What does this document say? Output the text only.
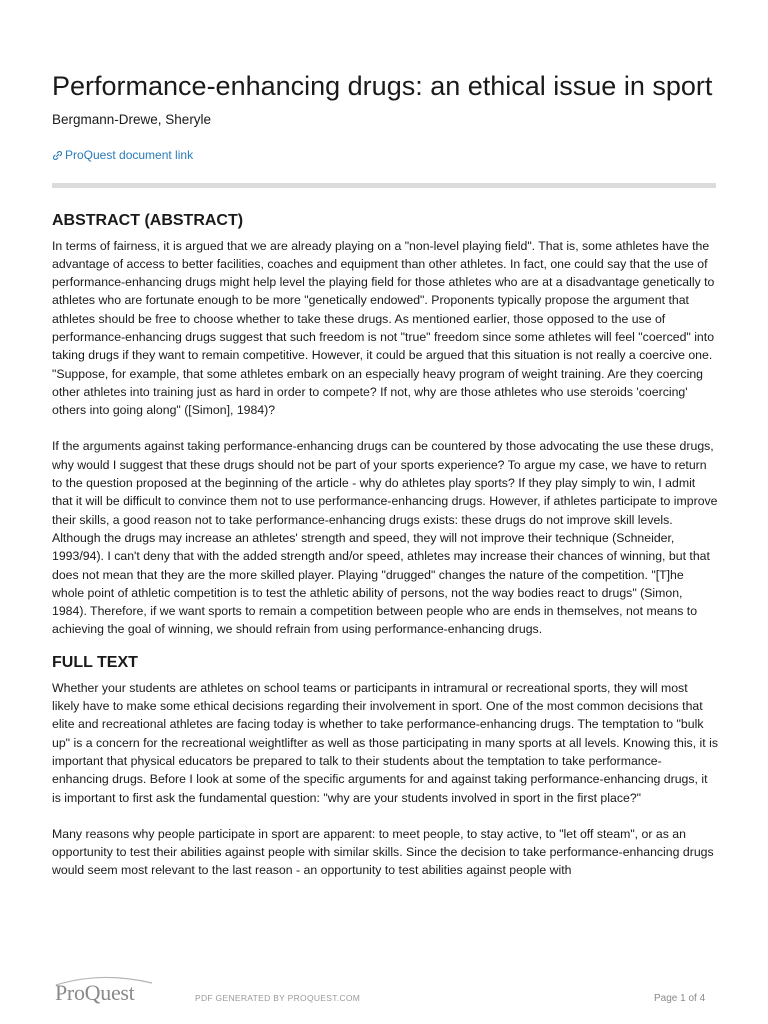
Performance-enhancing drugs: an ethical issue in sport
Bergmann-Drewe, Sheryle
ProQuest document link
ABSTRACT (ABSTRACT)

In terms of fairness, it is argued that we are already playing on a "non-level playing field". That is, some athletes have the advantage of access to better facilities, coaches and equipment than other athletes. In fact, one could say that the use of performance-enhancing drugs might help level the playing field for those athletes who are at a disadvantage genetically to athletes who are fortunate enough to be more "genetically endowed". Proponents typically propose the argument that athletes should be free to choose whether to take these drugs. As mentioned earlier, those opposed to the use of performance-enhancing drugs suggest that such freedom is not "true" freedom since some athletes will feel "coerced" into taking drugs if they want to remain competitive. However, it could be argued that this situation is not really a coercive one. "Suppose, for example, that some athletes embark on an especially heavy program of weight training. Are they coercing other athletes into training just as hard in order to compete? If not, why are those athletes who use steroids 'coercing' others into going along" ([Simon], 1984)?

If the arguments against taking performance-enhancing drugs can be countered by those advocating the use these drugs, why would I suggest that these drugs should not be part of your sports experience? To argue my case, we have to return to the question proposed at the beginning of the article - why do athletes play sports? If they play simply to win, I admit that it will be difficult to convince them not to use performance-enhancing drugs. However, if athletes participate to improve their skills, a good reason not to take performance-enhancing drugs exists: these drugs do not improve skill levels. Although the drugs may increase an athletes' strength and speed, they will not improve their technique (Schneider, 1993/94). I can't deny that with the added strength and/or speed, athletes may increase their chances of winning, but that does not mean that they are the more skilled player. Playing "drugged" changes the nature of the competition. "[T]he whole point of athletic competition is to test the athletic ability of persons, not the way bodies react to drugs" (Simon, 1984). Therefore, if we want sports to remain a competition between people who are ends in themselves, not means to achieving the goal of winning, we should refrain from using performance-enhancing drugs.

FULL TEXT

Whether your students are athletes on school teams or participants in intramural or recreational sports, they will most likely have to make some ethical decisions regarding their involvement in sport. One of the most common decisions that elite and recreational athletes are facing today is whether to take performance-enhancing drugs. The temptation to "bulk up" is a concern for the recreational weightlifter as well as those participating in many sports at all levels. Knowing this, it is important that physical educators be prepared to talk to their students about the temptation to take performance-enhancing drugs. Before I look at some of the specific arguments for and against taking performance-enhancing drugs, it is important to first ask the fundamental question: "why are your students involved in sport in the first place?"

Many reasons why people participate in sport are apparent: to meet people, to stay active, to "let off steam", or as an opportunity to test their abilities against people with similar skills. Since the decision to take performance-enhancing drugs would seem most relevant to the last reason - an opportunity to test abilities against people with

ProQuest	PDF GENERATED BY PROQUEST.COM	Page 1 of 4
